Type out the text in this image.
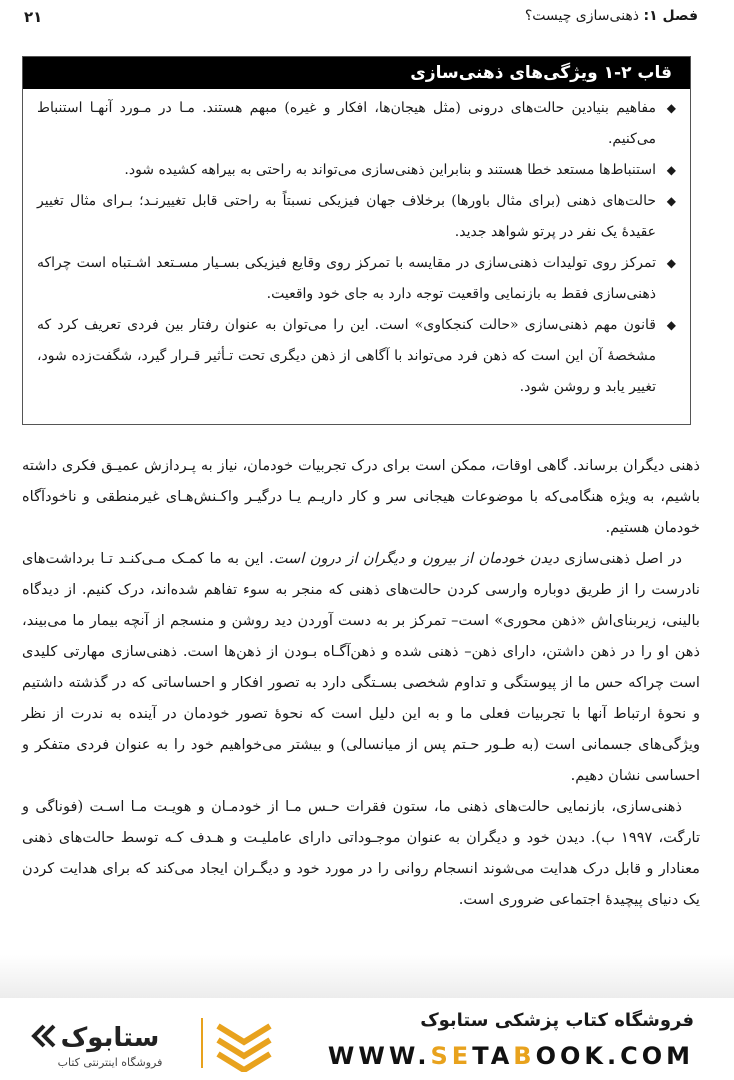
فصل ۱: ذهنی‌سازی چیست؟
۲۱
قاب ۲-۱ ویژگی‌های ذهنی‌سازی
◆
مفاهیم بنیادین حالت‌های درونی (مثل هیجان‌ها، افکار و غیره) مبهم هستند. مـا در مـورد آنهـا استنباط می‌کنیم.
◆
استنباط‌ها مستعد خطا هستند و بنابراین ذهنی‌سازی می‌تواند به راحتی به بیراهه کشیده شود.
◆
حالت‌های ذهنی (برای مثال باورها) برخلاف جهان فیزیکی نسبتاً به راحتی قابل تغییرنـد؛ بـرای مثال تغییر عقیدهٔ یک نفر در پرتو شواهد جدید.
◆
تمرکز روی تولیدات ذهنی‌سازی در مقایسه با تمرکز روی وقایع فیزیکی بسـیار مسـتعد اشـتباه است چراکه ذهنی‌سازی فقط به بازنمایی واقعیت توجه دارد به جای خود واقعیت.
◆
قانون مهم ذهنی‌سازی «حالت کنجکاوی» است. این را می‌توان به عنوان رفتار بین فردی تعریف کرد که مشخصهٔ آن این است که ذهن فرد می‌تواند با آگاهی از ذهن دیگری تحت تـأثیر قـرار گیرد، شگفت‌زده شود، تغییر یابد و روشن شود.

ذهنی دیگران برساند. گاهی اوقات، ممکن است برای درک تجربیات خودمان، نیاز به پـردازش عمیـق فکری داشته باشیم، به ویژه هنگامی‌که با موضوعات هیجانی سر و کار داریـم یـا درگیـر واکـنش‌هـای غیرمنطقی و ناخودآگاه خودمان هستیم.

در اصل ذهنی‌سازی دیدن خودمان از بیرون و دیگران از درون است. این به ما کمـک مـی‌کنـد تـا برداشت‌های نادرست را از طریق دوباره وارسی کردن حالت‌های ذهنی که منجر به سوء تفاهم شده‌اند، درک کنیم. از دیدگاه بالینی، زیربنای‌اش «ذهن محوری» است– تمرکز بر به دست آوردن دید روشن و منسجم از آنچه بیمار ما می‌بیند، ذهن او را در ذهن داشتن، دارای ذهن– ذهنی شده و ذهن‌آگـاه بـودن از ذهن‌ها است. ذهنی‌سازی مهارتی کلیدی است چراکه حس ما از پیوستگی و تداوم شخصی بسـتگی دارد به تصور افکار و احساساتی که در گذشته داشتیم و نحوهٔ ارتباط آنها با تجربیات فعلی ما و به این دلیل است که نحوهٔ تصور خودمان در آینده به ندرت از نظر ویژگی‌های جسمانی است (به طـور حـتم پس از میانسالی) و بیشتر می‌خواهیم خود را به عنوان فردی متفکر و احساسی نشان دهیم.

ذهنی‌سازی، بازنمایی حالت‌های ذهنی ما، ستون فقرات حـس مـا از خودمـان و هویـت مـا اسـت (فوناگی و تارگت، ۱۹۹۷ ب). دیدن خود و دیگران به عنوان موجـوداتی دارای عاملیـت و هـدف کـه توسط حالت‌های ذهنی معنادار و قابل درک هدایت می‌شوند انسجام روانی را در مورد خود و دیگـران ایجاد می‌کند که برای هدایت کردن یک دنیای پیچیدهٔ اجتماعی ضروری است.

ستابوک
فروشگاه اینترنتی کتاب
فروشگاه کتاب پزشکی ستابوک
WWW.SETABOOK.COM
